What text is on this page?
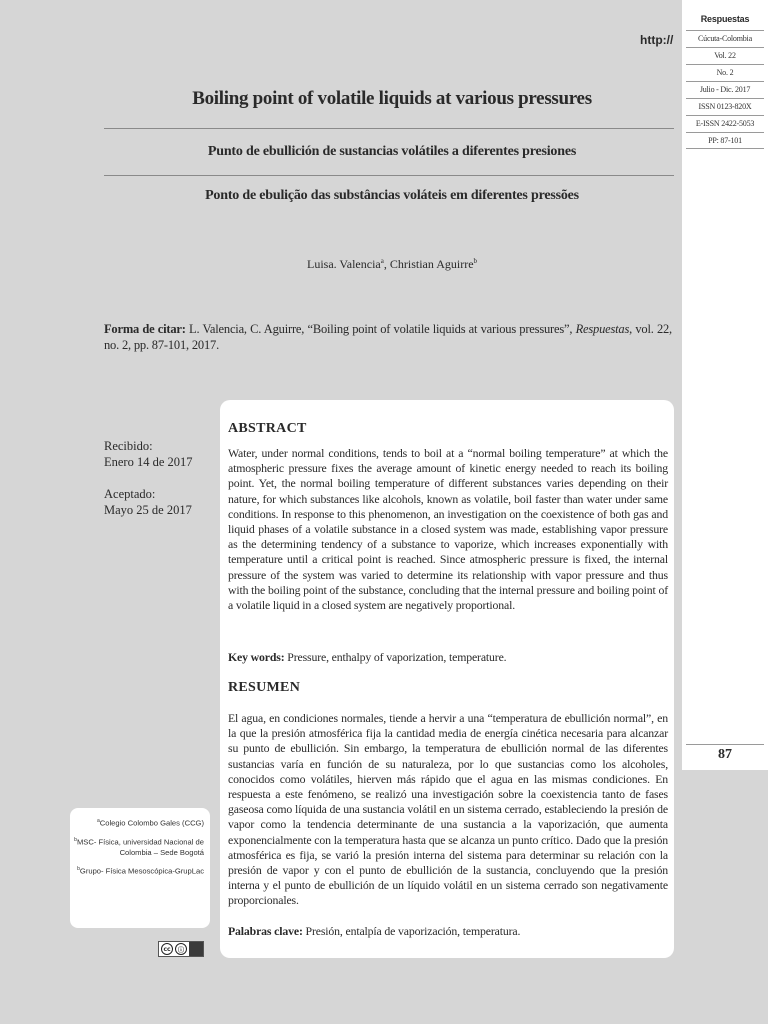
Respuestas
Cúcuta-Colombia
Vol. 22
No. 2
Julio - Dic. 2017
ISSN 0123-820X
E-ISSN 2422-5053
PP: 87-101
87
http://
Boiling point of volatile liquids at various pressures
Punto de ebullición de sustancias volátiles a diferentes presiones
Ponto de ebulição das substâncias voláteis em diferentes pressões
Luisa. Valencia$^a$, Christian Aguirre$^b$
Forma de citar: L. Valencia, C. Aguirre, “Boiling point of volatile liquids at various pressures”, Respuestas, vol. 22, no. 2, pp. 87-101, 2017.
Recibido:
Enero 14 de 2017
Aceptado:
Mayo 25 de 2017
ABSTRACT
Water, under normal conditions, tends to boil at a “normal boiling temperature” at which the atmospheric pressure fixes the average amount of kinetic energy needed to reach its boiling point. Yet, the normal boiling temperature of different substances varies depending on their nature, for which substances like alcohols, known as volatile, boil faster than water under same conditions. In response to this phenomenon, an investigation on the coexistence of both gas and liquid phases of a volatile substance in a closed system was made, establishing vapor pressure as the determining tendency of a substance to vaporize, which increases exponentially with temperature until a critical point is reached. Since atmospheric pressure is fixed, the internal pressure of the system was varied to determine its relationship with vapor pressure and thus with the boiling point of the substance, concluding that the internal pressure and boiling point of a volatile liquid in a closed system are negatively proportional.
Key words: Pressure, enthalpy of vaporization, temperature.
RESUMEN
El agua, en condiciones normales, tiende a hervir a una “temperatura de ebullición normal”, en la que la presión atmosférica fija la cantidad media de energía cinética necesaria para alcanzar su punto de ebullición. Sin embargo, la temperatura de ebullición normal de las diferentes sustancias varía en función de su naturaleza, por lo que sustancias como los alcoholes, conocidos como volátiles, hierven más rápido que el agua en las mismas condiciones. En respuesta a este fenómeno, se realizó una investigación sobre la coexistencia tanto de fases gaseosa como líquida de una sustancia volátil en un sistema cerrado, estableciendo la presión de vapor como la tendencia determinante de una sustancia a la vaporización, que aumenta exponencialmente con la temperatura hasta que se alcanza un punto crítico. Dado que la presión atmosférica es fija, se varió la presión interna del sistema para determinar su relación con la presión de vapor y con el punto de ebullición de la sustancia, concluyendo que la presión interna y el punto de ebullición de un líquido volátil en un sistema cerrado son negativamente proporcionales.
Palabras clave: Presión, entalpía de vaporización, temperatura.

$^a$Colegio Colombo Gales (CCG)

$^b$MSC- Física, universidad Nacional de Colombia – Sede Bogotá

$^b$Grupo- Física Mesoscópica-GrupLac

cc	ⓘ
